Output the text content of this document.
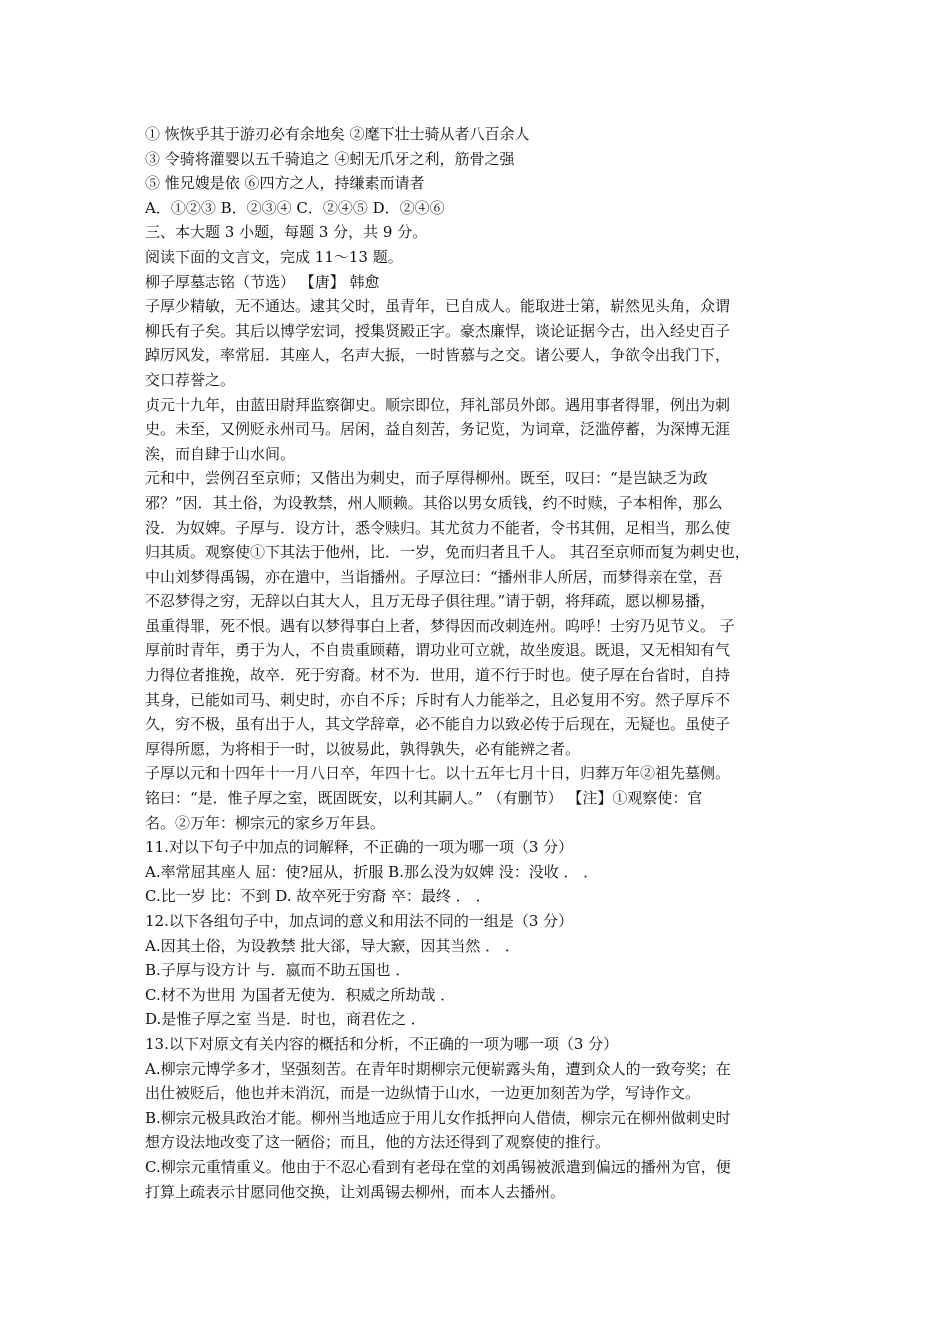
① 恢恢乎其于游刃必有余地矣 ②麾下壮士骑从者八百余人

③ 令骑将灌婴以五千骑追之 ④蚓无爪牙之利，筋骨之强

⑤ 惟兄嫂是依 ⑥四方之人，持缣素而请者

A．①②③ B．②③④ C．②④⑤ D．②④⑥

三、本大题 3 小题，每题 3 分，共 9 分。

阅读下面的文言文，完成 11～13 题。

柳子厚墓志铭（节选） 【唐】 韩愈

子厚少精敏，无不通达。逮其父时，虽青年，已自成人。能取进士第，崭然见头角，众谓

柳氏有子矣。其后以博学宏词，授集贤殿正字。豪杰廉悍，谈论证据今古，出入经史百子

踔厉风发，率常屈．其座人，名声大振，一时皆慕与之交。诸公要人，争欲令出我门下，

交口荐誉之。

贞元十九年，由蓝田尉拜监察御史。顺宗即位，拜礼部员外郎。遇用事者得罪，例出为刺

史。未至，又例贬永州司马。居闲，益自刻苦，务记览，为词章，泛滥停蓄，为深博无涯

涘，而自肆于山水间。

元和中，尝例召至京师；又偕出为刺史，而子厚得柳州。既至，叹曰：“是岂缺乏为政

邪？”因．其土俗，为设教禁，州人顺赖。其俗以男女质钱，约不时赎，子本相侔，那么

没．为奴婢。子厚与．设方计，悉令赎归。其尤贫力不能者，令书其佣，足相当，那么使

归其质。观察使①下其法于他州，比．一岁，免而归者且千人。 其召至京师而复为刺史也，

中山刘梦得禹锡，亦在遣中，当诣播州。子厚泣曰：“播州非人所居，而梦得亲在堂，吾

不忍梦得之穷，无辞以白其大人，且万无母子俱往理。”请于朝，将拜疏，愿以柳易播，

虽重得罪，死不恨。遇有以梦得事白上者，梦得因而改刺连州。呜呼！士穷乃见节义。 子

厚前时青年，勇于为人，不自贵重顾藉，谓功业可立就，故坐废退。既退，又无相知有气

力得位者推挽，故卒．死于穷裔。材不为．世用，道不行于时也。使子厚在台省时，自持

其身，已能如司马、刺史时，亦自不斥；斥时有人力能举之，且必复用不穷。然子厚斥不

久，穷不极，虽有出于人，其文学辞章，必不能自力以致必传于后现在，无疑也。虽使子

厚得所愿，为将相于一时，以彼易此，孰得孰失，必有能辨之者。

子厚以元和十四年十一月八日卒，年四十七。以十五年七月十日，归葬万年②祖先墓侧。

铭曰：“是．惟子厚之室，既固既安，以利其嗣人。” （有删节） 【注】①观察使：官

名。②万年：柳宗元的家乡万年县。

11.对以下句子中加点的词解释，不正确的一项为哪一项（3 分）

A.率常屈其座人 屈：使?屈从，折服 B.那么没为奴婢 没：没收 ． ．

C.比一岁 比：不到 D. 故卒死于穷裔 卒：最终 ． ．

12.以下各组句子中，加点词的意义和用法不同的一组是（3 分）

A.因其土俗，为设教禁 批大郤，导大窾，因其当然 ． ．

B.子厚与设方计 与．嬴而不助五国也 ．

C.材不为世用 为国者无使为．积威之所劫哉 ．

D.是惟子厚之室 当是．时也，商君佐之 ．

13.以下对原文有关内容的概括和分析，不正确的一项为哪一项（3 分）

A.柳宗元博学多才，坚强刻苦。在青年时期柳宗元便崭露头角，遭到众人的一致夸奖；在

出仕被贬后，他也并未消沉，而是一边纵情于山水，一边更加刻苦为学，写诗作文。

B.柳宗元极具政治才能。柳州当地适应于用儿女作抵押向人借债，柳宗元在柳州做刺史时

想方设法地改变了这一陋俗；而且，他的方法还得到了观察使的推行。

C.柳宗元重情重义。他由于不忍心看到有老母在堂的刘禹锡被派遣到偏远的播州为官，便

打算上疏表示甘愿同他交换，让刘禹锡去柳州，而本人去播州。
